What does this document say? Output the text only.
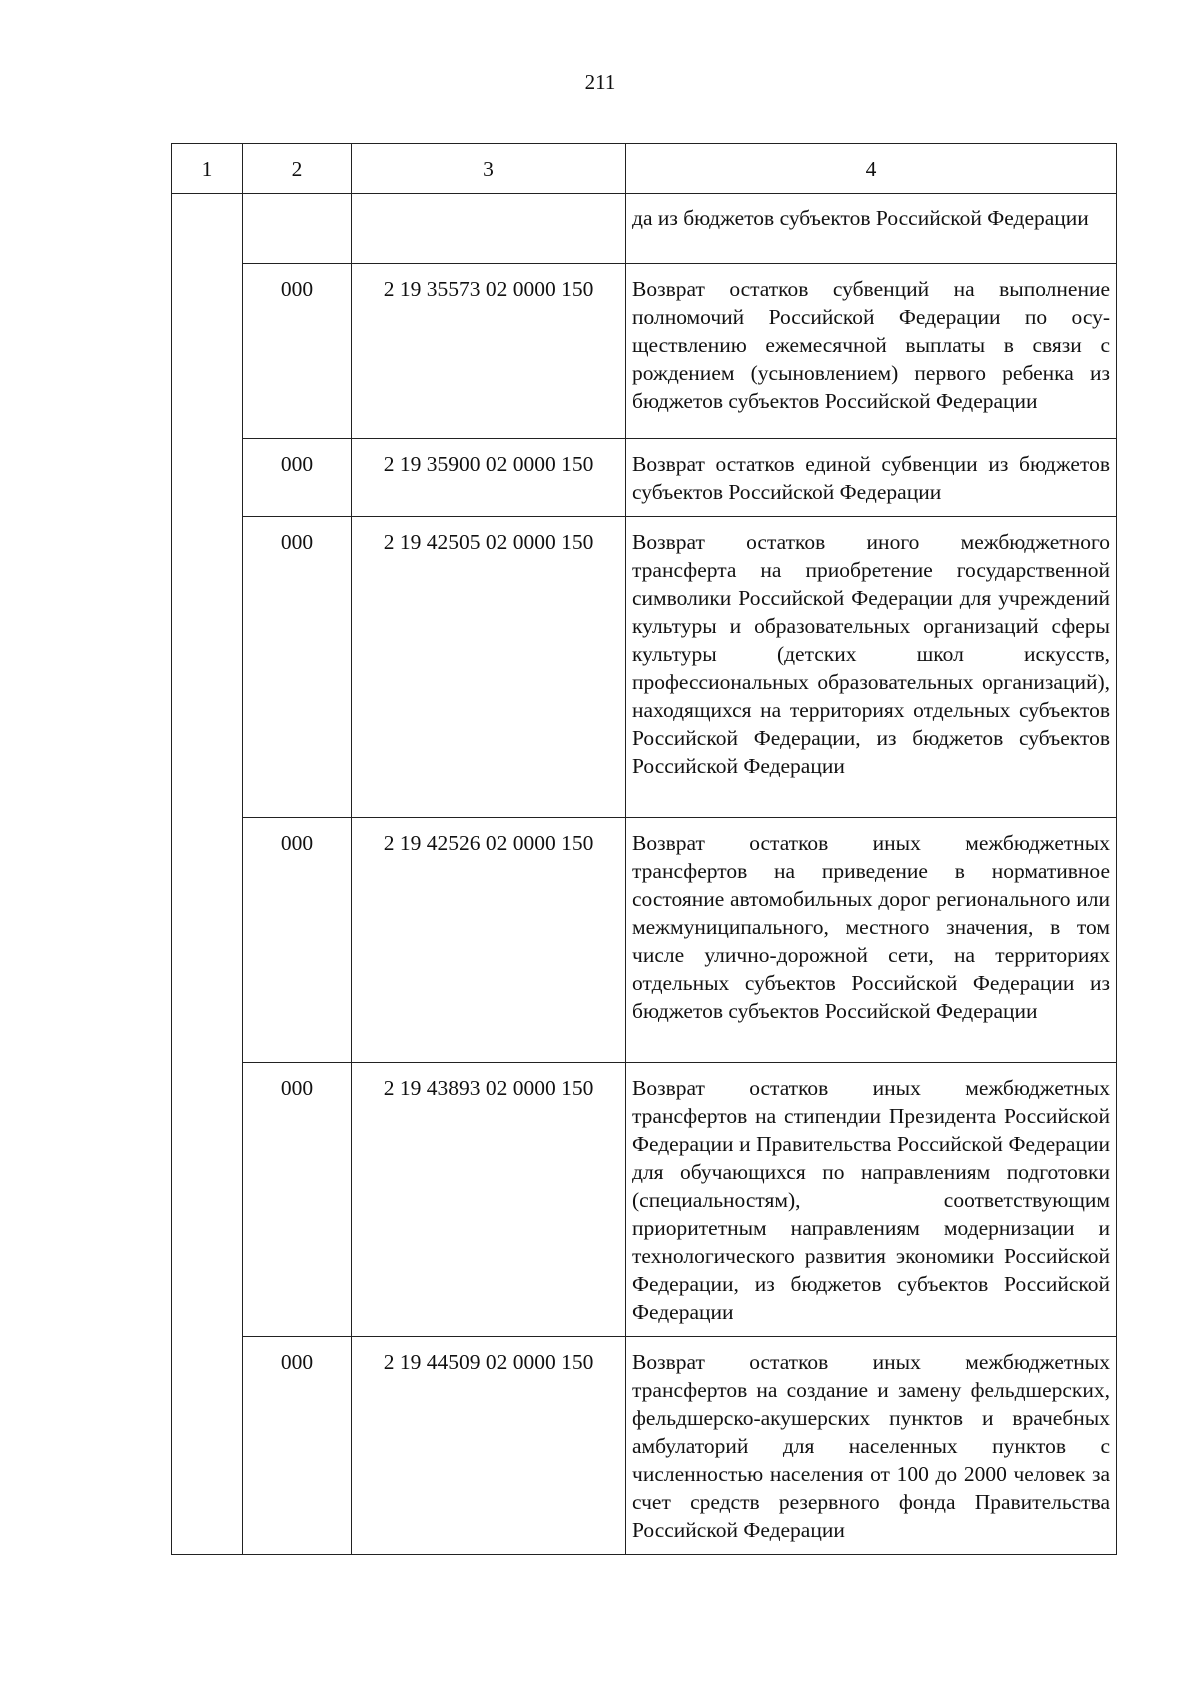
211
1	2	3	4

			да из бюджетов субъектов Российской Федерации

	000	2 19 35573 02 0000 150	Возврат остатков субвенций на выполнение полномочий Российской Федерации по осуществлению ежемесячной выплаты в связи с рождением (усыновлением) первого ребенка из бюджетов субъектов Российской Федерации

	000	2 19 35900 02 0000 150	Возврат остатков единой субвенции из бюджетов субъектов Российской Федерации

	000	2 19 42505 02 0000 150	Возврат остатков иного межбюджетного трансферта на приобретение государственной символики Российской Федерации для учреждений культуры и образовательных организаций сферы культуры (детских школ искусств, профессиональных образовательных организаций), находящихся на территориях отдельных субъектов Российской Федерации, из бюджетов субъектов Российской Федерации

	000	2 19 42526 02 0000 150	Возврат остатков иных межбюджетных трансфертов на приведение в нормативное состояние автомобильных дорог регионального или межмуниципального, местного значения, в том числе улично-дорожной сети, на территориях отдельных субъектов Российской Федерации из бюджетов субъектов Российской Федерации

	000	2 19 43893 02 0000 150	Возврат остатков иных межбюджетных трансфертов на стипендии Президента Российской Федерации и Правительства Российской Федерации для обучающихся по направлениям подготовки (специальностям), соответствующим приоритетным направлениям модернизации и технологического развития экономики Российской Федерации, из бюджетов субъектов Российской Федерации

	000	2 19 44509 02 0000 150	Возврат остатков иных межбюджетных трансфертов на создание и замену фельдшерских, фельдшерско-акушерских пунктов и врачебных амбулаторий для населенных пунктов с численностью населения от 100 до 2000 человек за счет средств резервного фонда Правительства Российской Федерации
